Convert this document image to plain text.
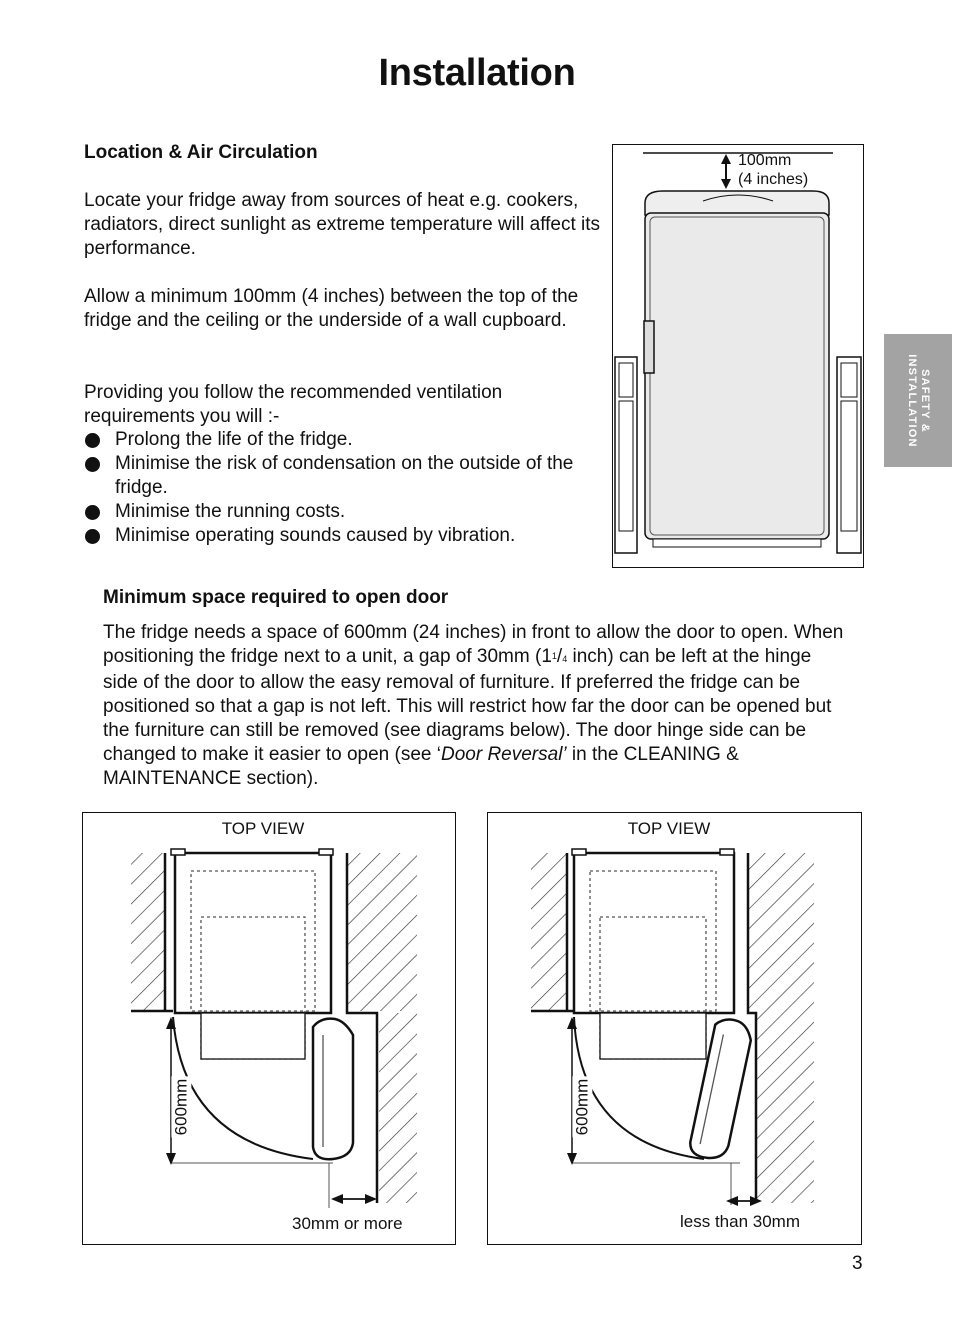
Installation
Location & Air Circulation
Locate your fridge away from sources of heat e.g. cookers, radiators, direct sunlight as extreme temperature will affect its performance.
Allow a minimum 100mm (4 inches) between the top of the fridge and the ceiling or the underside of a wall cupboard.
Providing you follow the recommended ventilation requirements you will :-
Prolong the life of the fridge.
Minimise the risk of condensation on the outside of the fridge.
Minimise the running costs.
Minimise operating sounds caused by vibration.
100mm
(4 inches)
SAFETY &
INSTALLATION
Minimum space required to open door
The fridge needs a space of 600mm (24 inches) in front to allow the door to open. When positioning the fridge next to a unit, a gap of 30mm ($1^1/4$ inch) can be left at the hinge side of the door to allow the easy removal of furniture. If preferred the fridge can be positioned so that a gap is not left. This will restrict how far the door can be opened but the furniture can still be removed (see diagrams below). The door hinge side can be changed to make it easier to open (see ‘Door Reversal’ in the CLEANING & MAINTENANCE section).
TOP VIEW
600mm
30mm or more
TOP VIEW
600mm
less than 30mm
3
